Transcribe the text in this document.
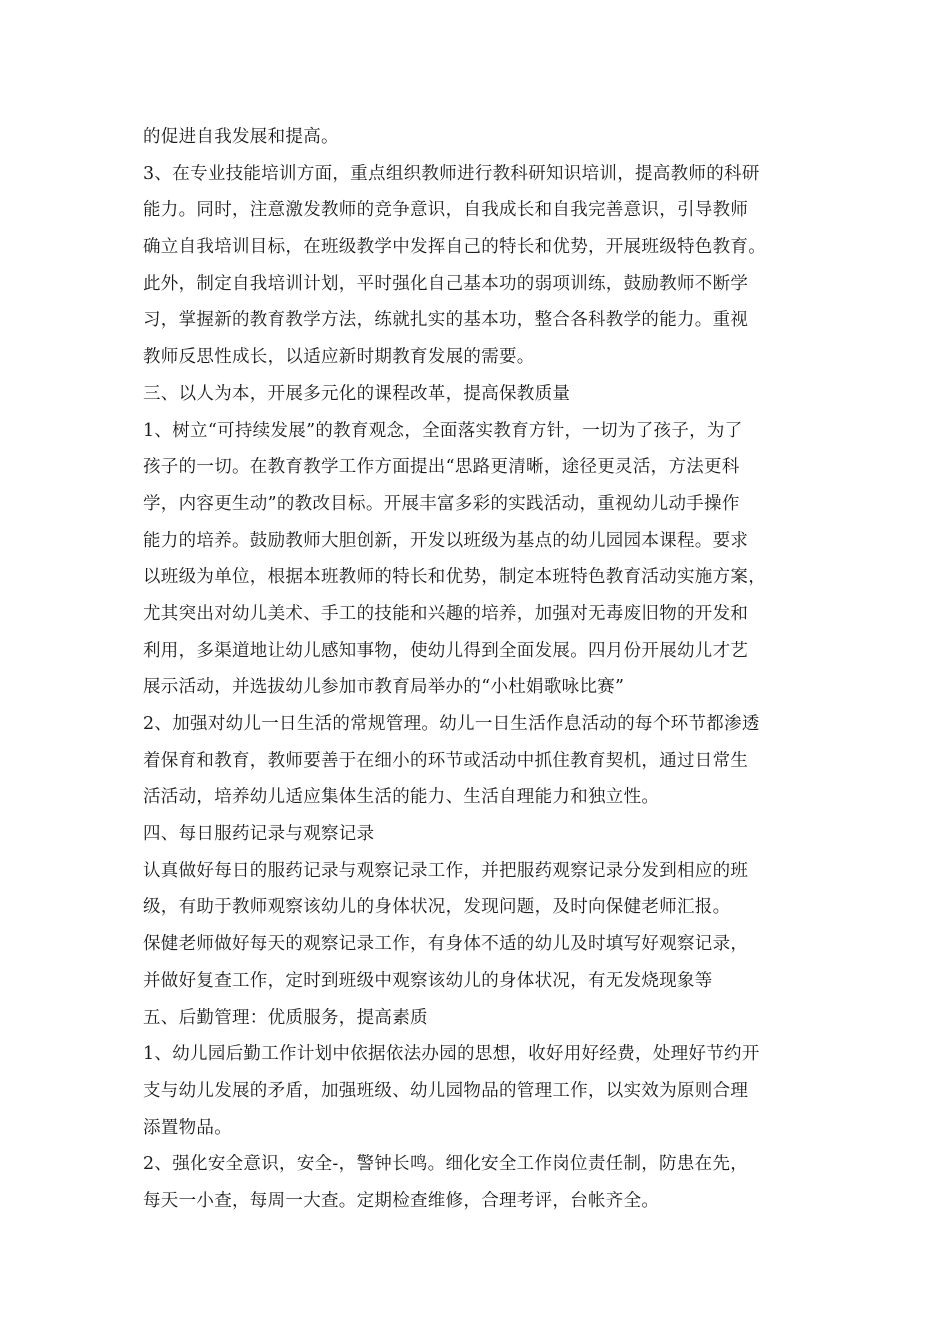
的促进自我发展和提高。
3、在专业技能培训方面，重点组织教师进行教科研知识培训，提高教师的科研
能力。同时，注意激发教师的竞争意识，自我成长和自我完善意识，引导教师
确立自我培训目标，在班级教学中发挥自己的特长和优势，开展班级特色教育。
此外，制定自我培训计划，平时强化自己基本功的弱项训练，鼓励教师不断学
习，掌握新的教育教学方法，练就扎实的基本功，整合各科教学的能力。重视
教师反思性成长，以适应新时期教育发展的需要。
三、以人为本，开展多元化的课程改革，提高保教质量
1、树立“可持续发展”的教育观念，全面落实教育方针，一切为了孩子，为了
孩子的一切。在教育教学工作方面提出“思路更清晰，途径更灵活，方法更科
学，内容更生动”的教改目标。开展丰富多彩的实践活动，重视幼儿动手操作
能力的培养。鼓励教师大胆创新，开发以班级为基点的幼儿园园本课程。要求
以班级为单位，根据本班教师的特长和优势，制定本班特色教育活动实施方案，
尤其突出对幼儿美术、手工的技能和兴趣的培养，加强对无毒废旧物的开发和
利用，多渠道地让幼儿感知事物，使幼儿得到全面发展。四月份开展幼儿才艺
展示活动，并选拔幼儿参加市教育局举办的“小杜娟歌咏比赛”
2、加强对幼儿一日生活的常规管理。幼儿一日生活作息活动的每个环节都渗透
着保育和教育，教师要善于在细小的环节或活动中抓住教育契机，通过日常生
活活动，培养幼儿适应集体生活的能力、生活自理能力和独立性。
四、每日服药记录与观察记录
认真做好每日的服药记录与观察记录工作，并把服药观察记录分发到相应的班
级，有助于教师观察该幼儿的身体状况，发现问题，及时向保健老师汇报。
保健老师做好每天的观察记录工作，有身体不适的幼儿及时填写好观察记录，
并做好复查工作，定时到班级中观察该幼儿的身体状况，有无发烧现象等
五、后勤管理：优质服务，提高素质
1、幼儿园后勤工作计划中依据依法办园的思想，收好用好经费，处理好节约开
支与幼儿发展的矛盾，加强班级、幼儿园物品的管理工作，以实效为原则合理
添置物品。
2、强化安全意识，安全-，警钟长鸣。细化安全工作岗位责任制，防患在先，
每天一小查，每周一大查。定期检查维修，合理考评，台帐齐全。
